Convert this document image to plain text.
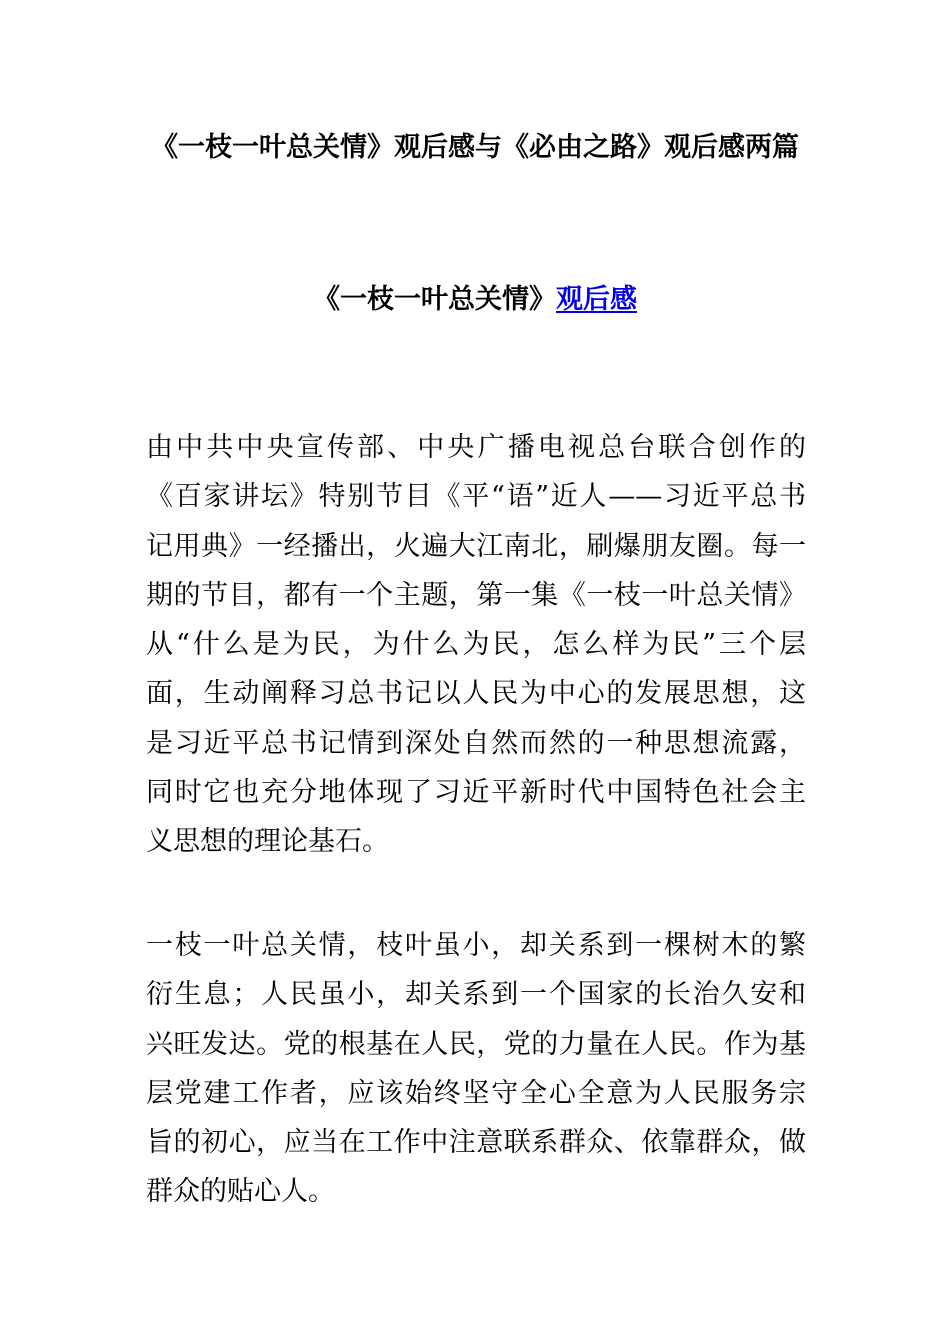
《一枝一叶总关情》观后感与《必由之路》观后感两篇
《一枝一叶总关情》观后感
由中共中央宣传部、中央广播电视总台联合创作的
《百家讲坛》特别节目《平“语”近人——习近平总书
记用典》一经播出，火遍大江南北，刷爆朋友圈。每一
期的节目，都有一个主题，第一集《一枝一叶总关情》
从“什么是为民，为什么为民，怎么样为民”三个层
面，生动阐释习总书记以人民为中心的发展思想，这
是习近平总书记情到深处自然而然的一种思想流露，
同时它也充分地体现了习近平新时代中国特色社会主
义思想的理论基石。
一枝一叶总关情，枝叶虽小，却关系到一棵树木的繁
衍生息；人民虽小，却关系到一个国家的长治久安和
兴旺发达。党的根基在人民，党的力量在人民。作为基
层党建工作者，应该始终坚守全心全意为人民服务宗
旨的初心，应当在工作中注意联系群众、依靠群众，做
群众的贴心人。
